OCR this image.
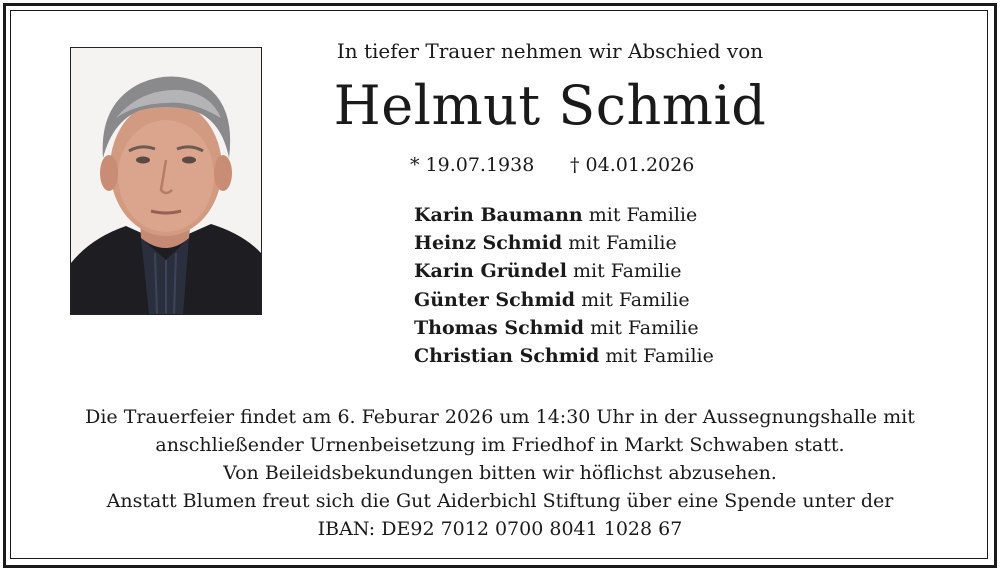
In tiefer Trauer nehmen wir Abschied von

Helmut Schmid
* 19.07.1938 † 04.01.2026
Karin Baumann mit Familie
Heinz Schmid mit Familie
Karin Gründel mit Familie
Günter Schmid mit Familie
Thomas Schmid mit Familie
Christian Schmid mit Familie
Die Trauerfeier findet am 6. Feburar 2026 um 14:30 Uhr in der Aussegnungshalle mit
anschließender Urnenbeisetzung im Friedhof in Markt Schwaben statt.
Von Beileidsbekundungen bitten wir höflichst abzusehen.
Anstatt Blumen freut sich die Gut Aiderbichl Stiftung über eine Spende unter der
IBAN: DE92 7012 0700 8041 1028 67
